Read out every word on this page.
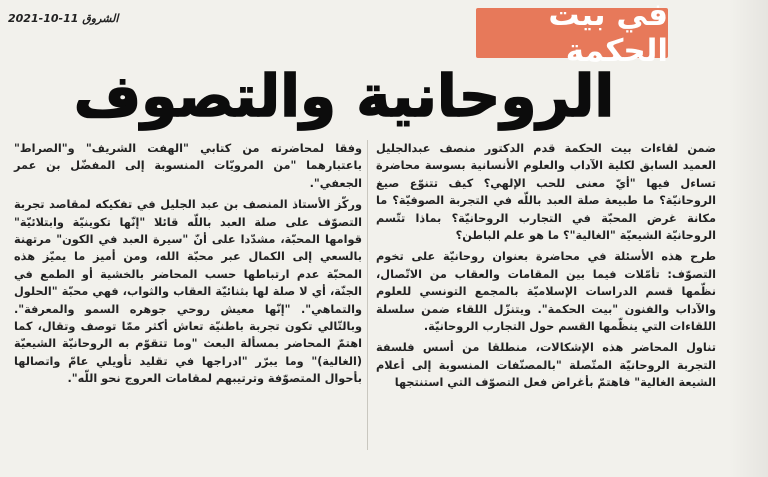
الشروق 11-10-2021	في بيت الحكمة
الروحانية والتصوف

ضمن لقاءات بيت الحكمة قدم الدكتور منصف عبدالجليل العميد السابق لكلية الآداب والعلوم الأنسانية بسوسة محاضرة تساءل فيها "أيّ معنى للحب الإلهي؟ كيف تتنوّع صيغ الروحانيّة؟ ما طبيعة صلة العبد باللّه في التجربة الصوفيّة؟ ما مكانة غرض المحبّة في التجارب الروحانيّة؟ بماذا تتّسم الروحانيّة الشيعيّة "الغالية"؟ ما هو علم الباطن؟

طرح هذه الأسئلة في محاضرة بعنوان روحانيّة على تخوم التصوّف: تأمّلات فيما بين المقامات والعقاب من الاتّصال، نظّمها قسم الدراسات الإسلاميّة بالمجمع التونسي للعلوم والآداب والفنون "بيت الحكمة". ويتنزّل اللقاء ضمن سلسلة اللقاءات التي ينظّمها القسم حول التجارب الروحانيّة.

تناول المحاضر هذه الإشكالات، منطلقا من أسس فلسفة التجربة الروحانيّة المتّصلة "بالمصنّفات المنسوبة إلى أعلام الشيعة الغالية" فاهتمّ بأغراض فعل التصوّف التي استنتجها

وفقا لمحاضرته من كتابي "الهفت الشريف" و"الصراط" باعتبارهما "من المرويّات المنسوبة إلى المفضّل بن عمر الجعفي".

وركّز الأستاذ المنصف بن عبد الجليل في تفكيكه لمقاصد تجربة التصوّف على صلة العبد باللّه قائلا "إنّها تكوينيّة وابتلائيّة" قوامها المحبّة، مشدّدا على أنّ "سيرة العبد في الكون" مرتهنة بالسعي إلى الكمال عبر محبّة الله، ومن أميز ما يميّز هذه المحبّة عدم ارتباطها حسب المحاضر بالخشية أو الطمع في الجنّة، أي لا صلة لها بثنائيّة العقاب والثواب، فهي محبّة "الحلول والتماهي". "إنّها معيش روحي جوهره السمو والمعرفة". وبالتّالي تكون تجربة باطنيّة تعاش أكثر ممّا توصف وتقال، كما اهتمّ المحاضر بمسألة البعث "وما تتقوّم به الروحانيّة الشيعيّة (الغالية)" وما يبرّر "ادراجها في تقليد تأويلي عامّ واتصالها بأحوال المتصوّفة وترتيبهم لمقامات العروج نحو اللّه".
